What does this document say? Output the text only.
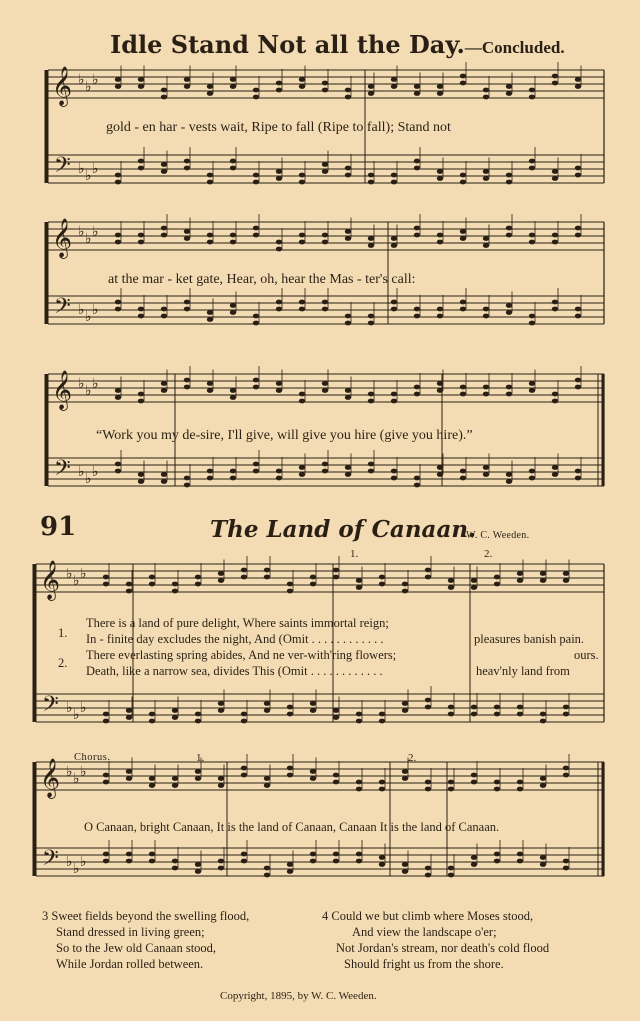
𝄞
𝄢
♭ ♭ ♭
♭ ♭ ♭
𝄞
𝄢
♭ ♭ ♭
♭ ♭ ♭
𝄞
𝄢
♭ ♭ ♭
♭ ♭ ♭
𝄞
𝄢
♭ ♭ ♭
♭ ♭ ♭
𝄞
𝄢
♭ ♭ ♭
♭ ♭ ♭
Idle Stand Not all the Day.—Concluded.
gold - en har - vests wait, Ripe to fall (Ripe to fall); Stand not
at the mar - ket gate, Hear, oh, hear the Mas - ter's call:
“Work you my de-sire, I'll give, will give you hire (give you hire).”
91	The Land of Canaan.
W. C. Weeden.
1.	2.
1.
2.
There is a land of pure delight, Where saints immortal reign;
In - finite day excludes the night, And (Omit . . . . . . . . . . . .
There everlasting spring abides, And ne ver-with'ring flowers;
Death, like a narrow sea, divides This (Omit . . . . . . . . . . . .
pleasures banish pain.
ours.
heav'nly land from
Chorus.	1.	2.
O Canaan, bright Canaan, It is the land of Canaan, Canaan It is the land of Canaan.
3 Sweet fields beyond the swelling flood,
Stand dressed in living green;
So to the Jew old Canaan stood,
While Jordan rolled between.
4 Could we but climb where Moses stood,
And view the landscape o'er;
Not Jordan's stream, nor death's cold flood
Should fright us from the shore.
Copyright, 1895, by W. C. Weeden.
